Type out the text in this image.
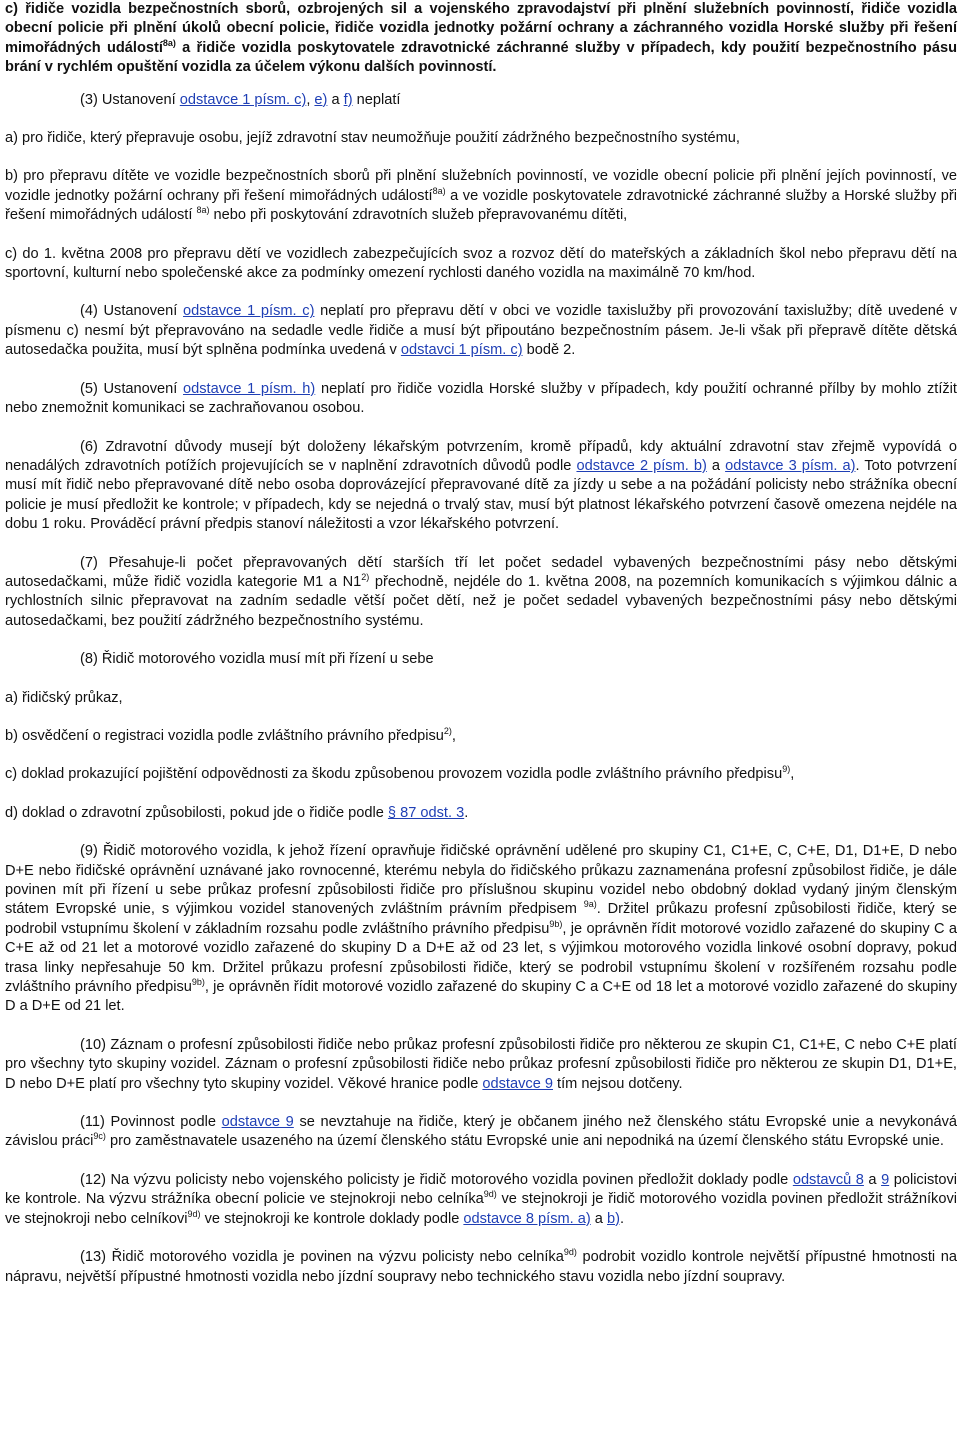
c) řidiče vozidla bezpečnostních sborů, ozbrojených sil a vojenského zpravodajství při plnění služebních povinností, řidiče vozidla obecní policie při plnění úkolů obecní policie, řidiče vozidla jednotky požární ochrany a záchranného vozidla Horské služby při řešení mimořádných událostí$^{8a)}$ a řidiče vozidla poskytovatele zdravotnické záchranné služby v případech, kdy použití bezpečnostního pásu brání v rychlém opuštění vozidla za účelem výkonu dalších povinností.

(3) Ustanovení odstavce 1 písm. c), e) a f) neplatí

a) pro řidiče, který přepravuje osobu, jejíž zdravotní stav neumožňuje použití zádržného bezpečnostního systému,

b) pro přepravu dítěte ve vozidle bezpečnostních sborů při plnění služebních povinností, ve vozidle obecní policie při plnění jejích povinností, ve vozidle jednotky požární ochrany při řešení mimořádných událostí$^{8a)}$ a ve vozidle poskytovatele zdravotnické záchranné služby a Horské služby při řešení mimořádných událostí $^{8a)}$ nebo při poskytování zdravotních služeb přepravovanému dítěti,

c) do 1. května 2008 pro přepravu dětí ve vozidlech zabezpečujících svoz a rozvoz dětí do mateřských a základních škol nebo přepravu dětí na sportovní, kulturní nebo společenské akce za podmínky omezení rychlosti daného vozidla na maximálně 70 km/hod.

(4) Ustanovení odstavce 1 písm. c) neplatí pro přepravu dětí v obci ve vozidle taxislužby při provozování taxislužby; dítě uvedené v písmenu c) nesmí být přepravováno na sedadle vedle řidiče a musí být připoutáno bezpečnostním pásem. Je-li však při přepravě dítěte dětská autosedačka použita, musí být splněna podmínka uvedená v odstavci 1 písm. c) bodě 2.

(5) Ustanovení odstavce 1 písm. h) neplatí pro řidiče vozidla Horské služby v případech, kdy použití ochranné přílby by mohlo ztížit nebo znemožnit komunikaci se zachraňovanou osobou.

(6) Zdravotní důvody musejí být doloženy lékařským potvrzením, kromě případů, kdy aktuální zdravotní stav zřejmě vypovídá o nenadálých zdravotních potížích projevujících se v naplnění zdravotních důvodů podle odstavce 2 písm. b) a odstavce 3 písm. a). Toto potvrzení musí mít řidič nebo přepravované dítě nebo osoba doprovázející přepravované dítě za jízdy u sebe a na požádání policisty nebo strážníka obecní policie je musí předložit ke kontrole; v případech, kdy se nejedná o trvalý stav, musí být platnost lékařského potvrzení časově omezena nejdéle na dobu 1 roku. Prováděcí právní předpis stanoví náležitosti a vzor lékařského potvrzení.

(7) Přesahuje-li počet přepravovaných dětí starších tří let počet sedadel vybavených bezpečnostními pásy nebo dětskými autosedačkami, může řidič vozidla kategorie M1 a N1$^{2)}$ přechodně, nejdéle do 1. května 2008, na pozemních komunikacích s výjimkou dálnic a rychlostních silnic přepravovat na zadním sedadle větší počet dětí, než je počet sedadel vybavených bezpečnostními pásy nebo dětskými autosedačkami, bez použití zádržného bezpečnostního systému.

(8) Řidič motorového vozidla musí mít při řízení u sebe

a) řidičský průkaz,

b) osvědčení o registraci vozidla podle zvláštního právního předpisu$^{2)}$,

c) doklad prokazující pojištění odpovědnosti za škodu způsobenou provozem vozidla podle zvláštního právního předpisu$^{9)}$,

d) doklad o zdravotní způsobilosti, pokud jde o řidiče podle § 87 odst. 3.

(9) Řidič motorového vozidla, k jehož řízení opravňuje řidičské oprávnění udělené pro skupiny C1, C1+E, C, C+E, D1, D1+E, D nebo D+E nebo řidičské oprávnění uznávané jako rovnocenné, kterému nebyla do řidičského průkazu zaznamenána profesní způsobilost řidiče, je dále povinen mít při řízení u sebe průkaz profesní způsobilosti řidiče pro příslušnou skupinu vozidel nebo obdobný doklad vydaný jiným členským státem Evropské unie, s výjimkou vozidel stanovených zvláštním právním předpisem $^{9a)}$. Držitel průkazu profesní způsobilosti řidiče, který se podrobil vstupnímu školení v základním rozsahu podle zvláštního právního předpisu$^{9b)}$, je oprávněn řídit motorové vozidlo zařazené do skupiny C a C+E až od 21 let a motorové vozidlo zařazené do skupiny D a D+E až od 23 let, s výjimkou motorového vozidla linkové osobní dopravy, pokud trasa linky nepřesahuje 50 km. Držitel průkazu profesní způsobilosti řidiče, který se podrobil vstupnímu školení v rozšířeném rozsahu podle zvláštního právního předpisu$^{9b)}$, je oprávněn řídit motorové vozidlo zařazené do skupiny C a C+E od 18 let a motorové vozidlo zařazené do skupiny D a D+E od 21 let.

(10) Záznam o profesní způsobilosti řidiče nebo průkaz profesní způsobilosti řidiče pro některou ze skupin C1, C1+E, C nebo C+E platí pro všechny tyto skupiny vozidel. Záznam o profesní způsobilosti řidiče nebo průkaz profesní způsobilosti řidiče pro některou ze skupin D1, D1+E, D nebo D+E platí pro všechny tyto skupiny vozidel. Věkové hranice podle odstavce 9 tím nejsou dotčeny.

(11) Povinnost podle odstavce 9 se nevztahuje na řidiče, který je občanem jiného než členského státu Evropské unie a nevykonává závislou práci$^{9c)}$ pro zaměstnavatele usazeného na území členského státu Evropské unie ani nepodniká na území členského státu Evropské unie.

(12) Na výzvu policisty nebo vojenského policisty je řidič motorového vozidla povinen předložit doklady podle odstavců 8 a 9 policistovi ke kontrole. Na výzvu strážníka obecní policie ve stejnokroji nebo celníka$^{9d)}$ ve stejnokroji je řidič motorového vozidla povinen předložit strážníkovi ve stejnokroji nebo celníkovi$^{9d)}$ ve stejnokroji ke kontrole doklady podle odstavce 8 písm. a) a b).

(13) Řidič motorového vozidla je povinen na výzvu policisty nebo celníka$^{9d)}$ podrobit vozidlo kontrole největší přípustné hmotnosti na nápravu, největší přípustné hmotnosti vozidla nebo jízdní soupravy nebo technického stavu vozidla nebo jízdní soupravy.
